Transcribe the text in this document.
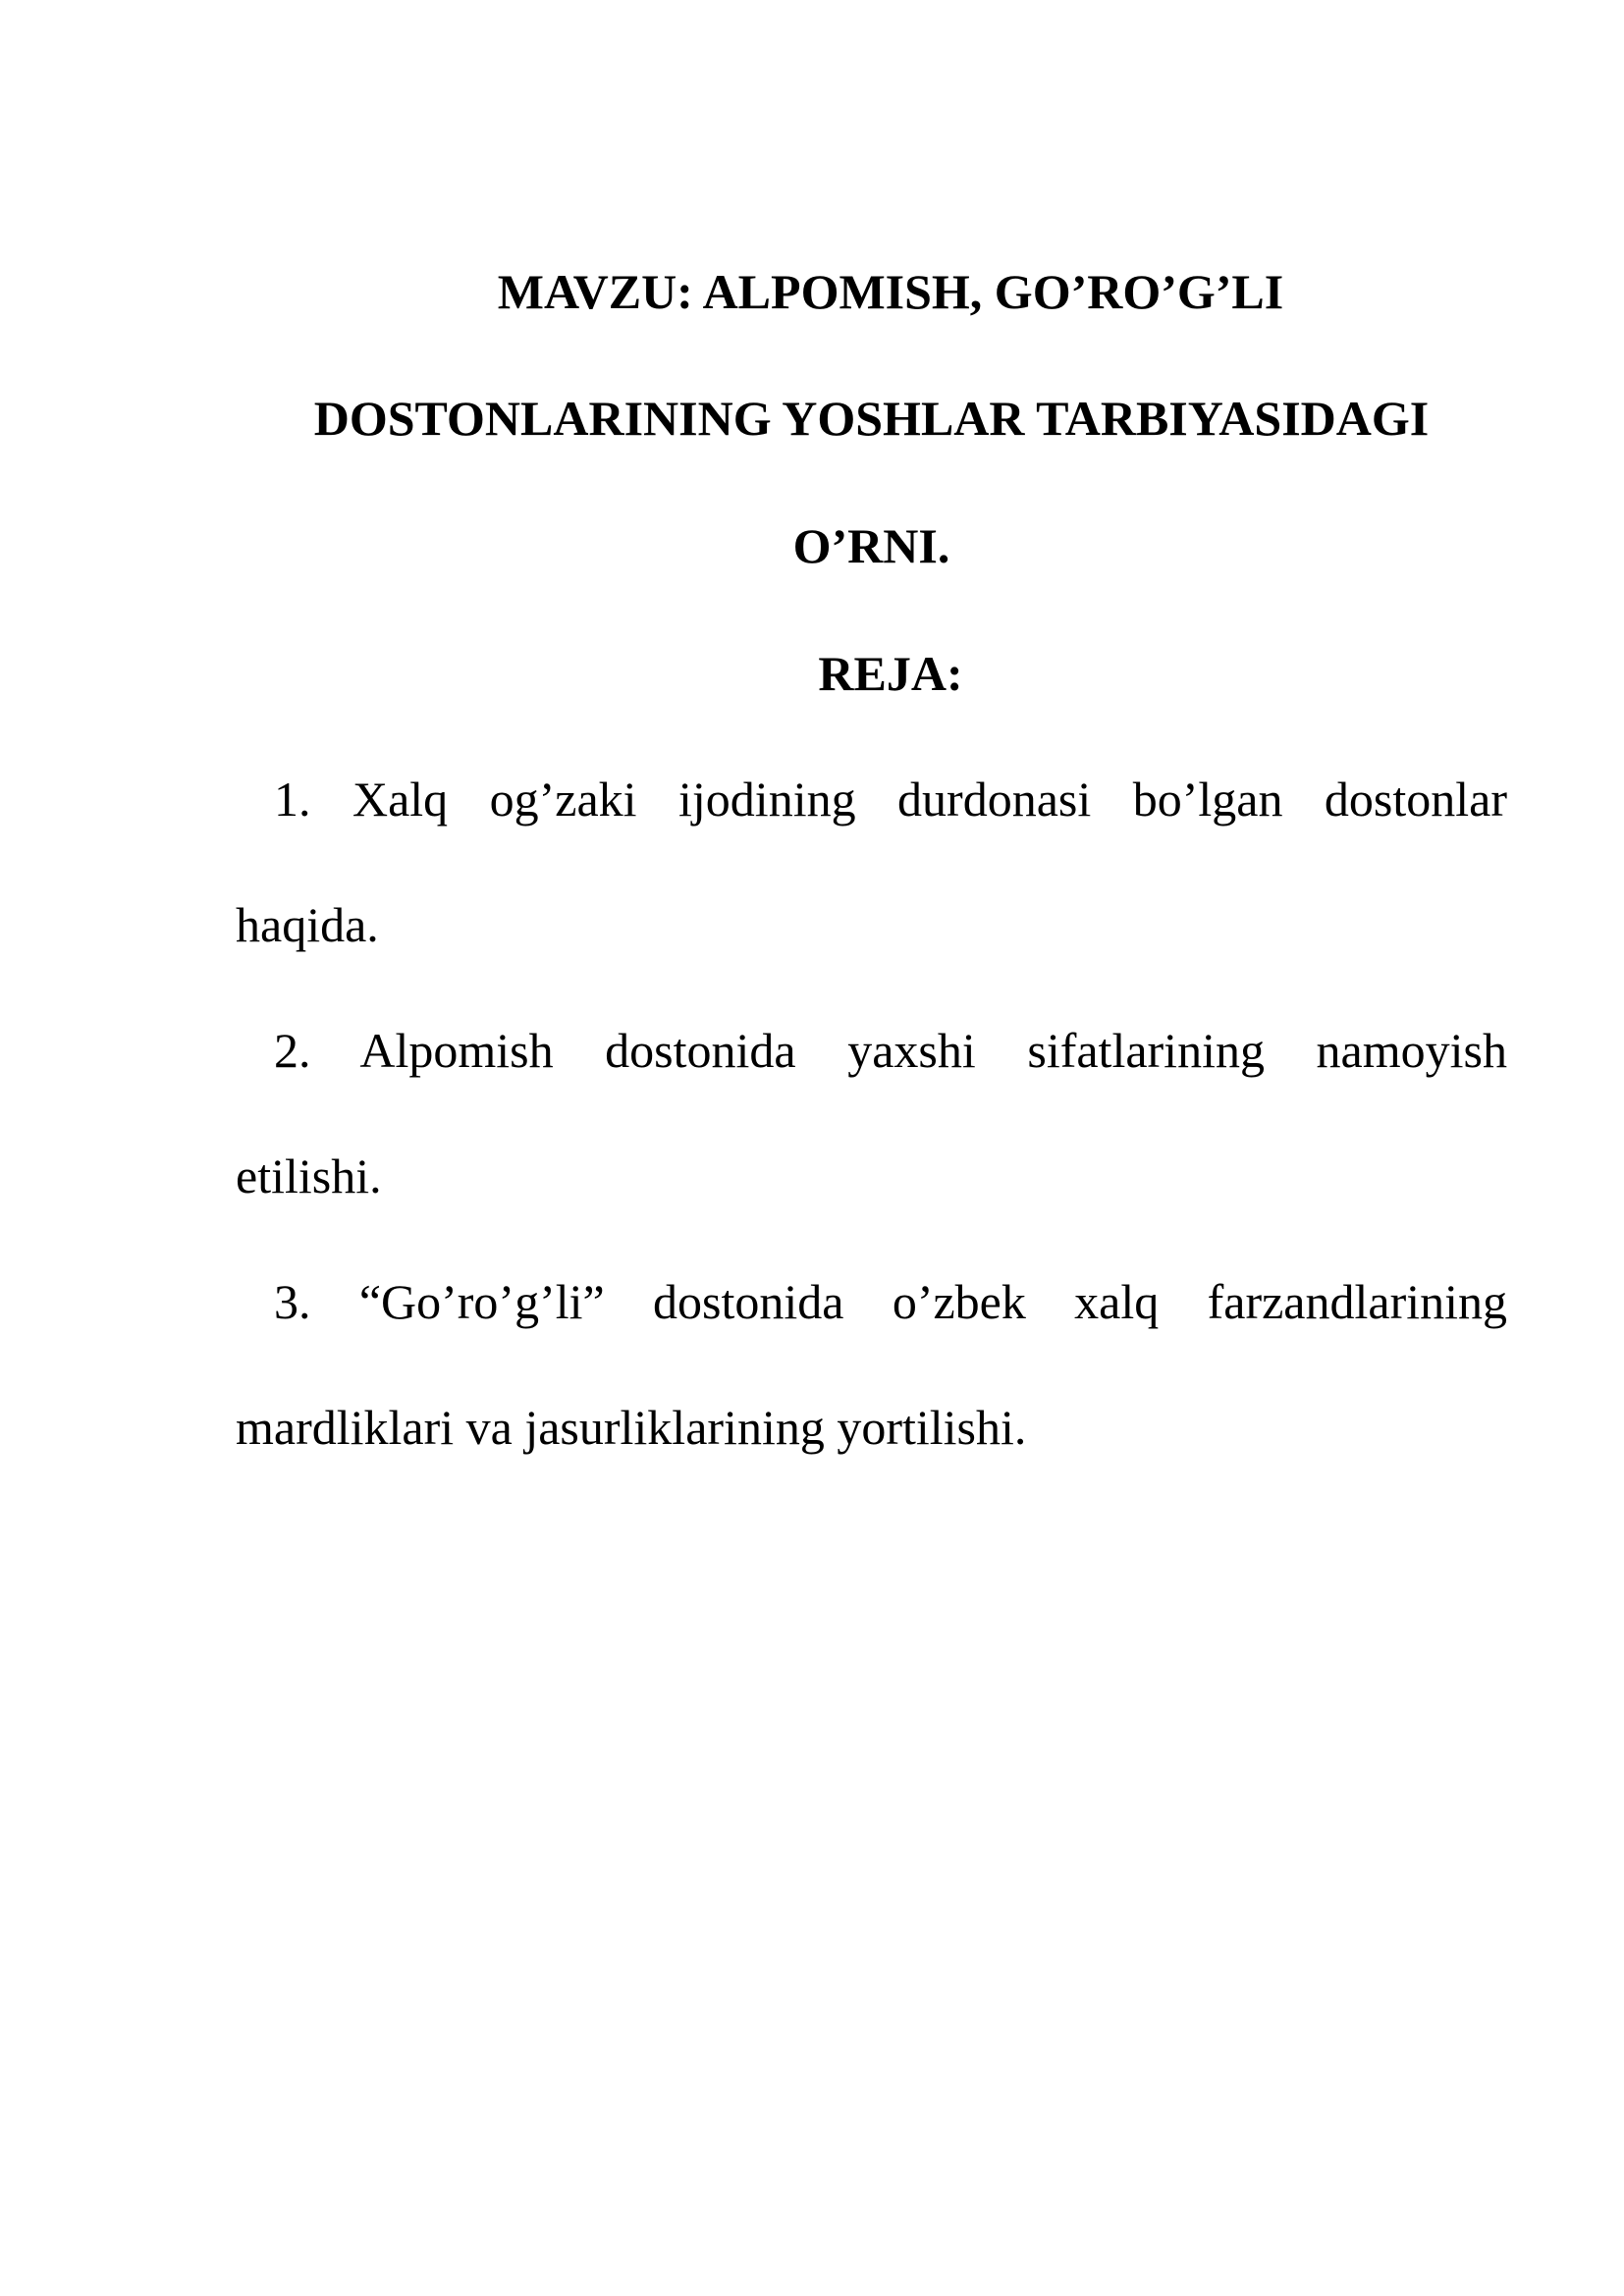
MAVZU: ALPOMISH, GO’RO’G’LI
DOSTONLARINING YOSHLAR TARBIYASIDAGI
O’RNI.
REJA:
1. Xalq og’zaki ijodining durdonasi bo’lgan dostonlar
haqida.
2. Alpomish dostonida yaxshi sifatlarining namoyish
etilishi.
3. “Go’ro’g’li” dostonida o’zbek xalq farzandlarining
mardliklari va jasurliklarining yortilishi.
